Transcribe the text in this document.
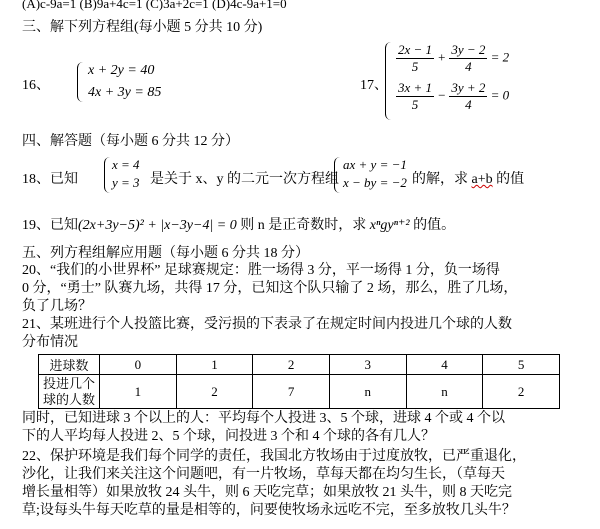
(A)c-9a=1 (B)9a+4c=1 (C)3a+2c=1 (D)4c-9a+1=0
三、解下列方程组(每小题 5 分共 10 分)
16、
x + 2y = 40
4x + 3y = 85	17、
$\frac{2x - 1}{5} + \frac{3y - 2}{4} = 2$
$\frac{3x + 1}{5} - \frac{3y + 2}{4} = 0$
四、解答题（每小题 6 分共 12 分）
18、已知
x = 4
y = 3 是关于 x、y 的二元一次方程组
ax + y = −1
x − by = −2 的解，求 a+b 的值
19、已知(2x+3y−5)² + |x−3y−4| = 0 则 n 是正奇数时，求 xⁿgyⁿ⁺² 的值。
五、列方程组解应用题（每小题 6 分共 18 分）
20、“我们的小世界杯” 足球赛规定：胜一场得 3 分，平一场得 1 分，负一场得
0 分，“勇士” 队赛九场，共得 17 分，已知这个队只输了 2 场，那么，胜了几场，
负了几场？
21、某班进行个人投篮比赛，受污损的下表录了在规定时间内投进几个球的人数
分布情况
进球数	0	1	2	3	4	5
投进几个
球的人数	1	2	7	n	n	2
同时，已知进球 3 个以上的人：平均每个人投进 3、5 个球，进球 4 个或 4 个以
下的人平均每人投进 2、5 个球，问投进 3 个和 4 个球的各有几人？
22、保护环境是我们每个同学的责任，我国北方牧场由于过度放牧，已严重退化，
沙化，让我们来关注这个问题吧，有一片牧场，草每天都在均匀生长，（草每天
增长量相等）如果放牧 24 头牛，则 6 天吃完草；如果放牧 21 头牛，则 8 天吃完
草;设每头牛每天吃草的量是相等的，问要使牧场永远吃不完，至多放牧几头牛？
